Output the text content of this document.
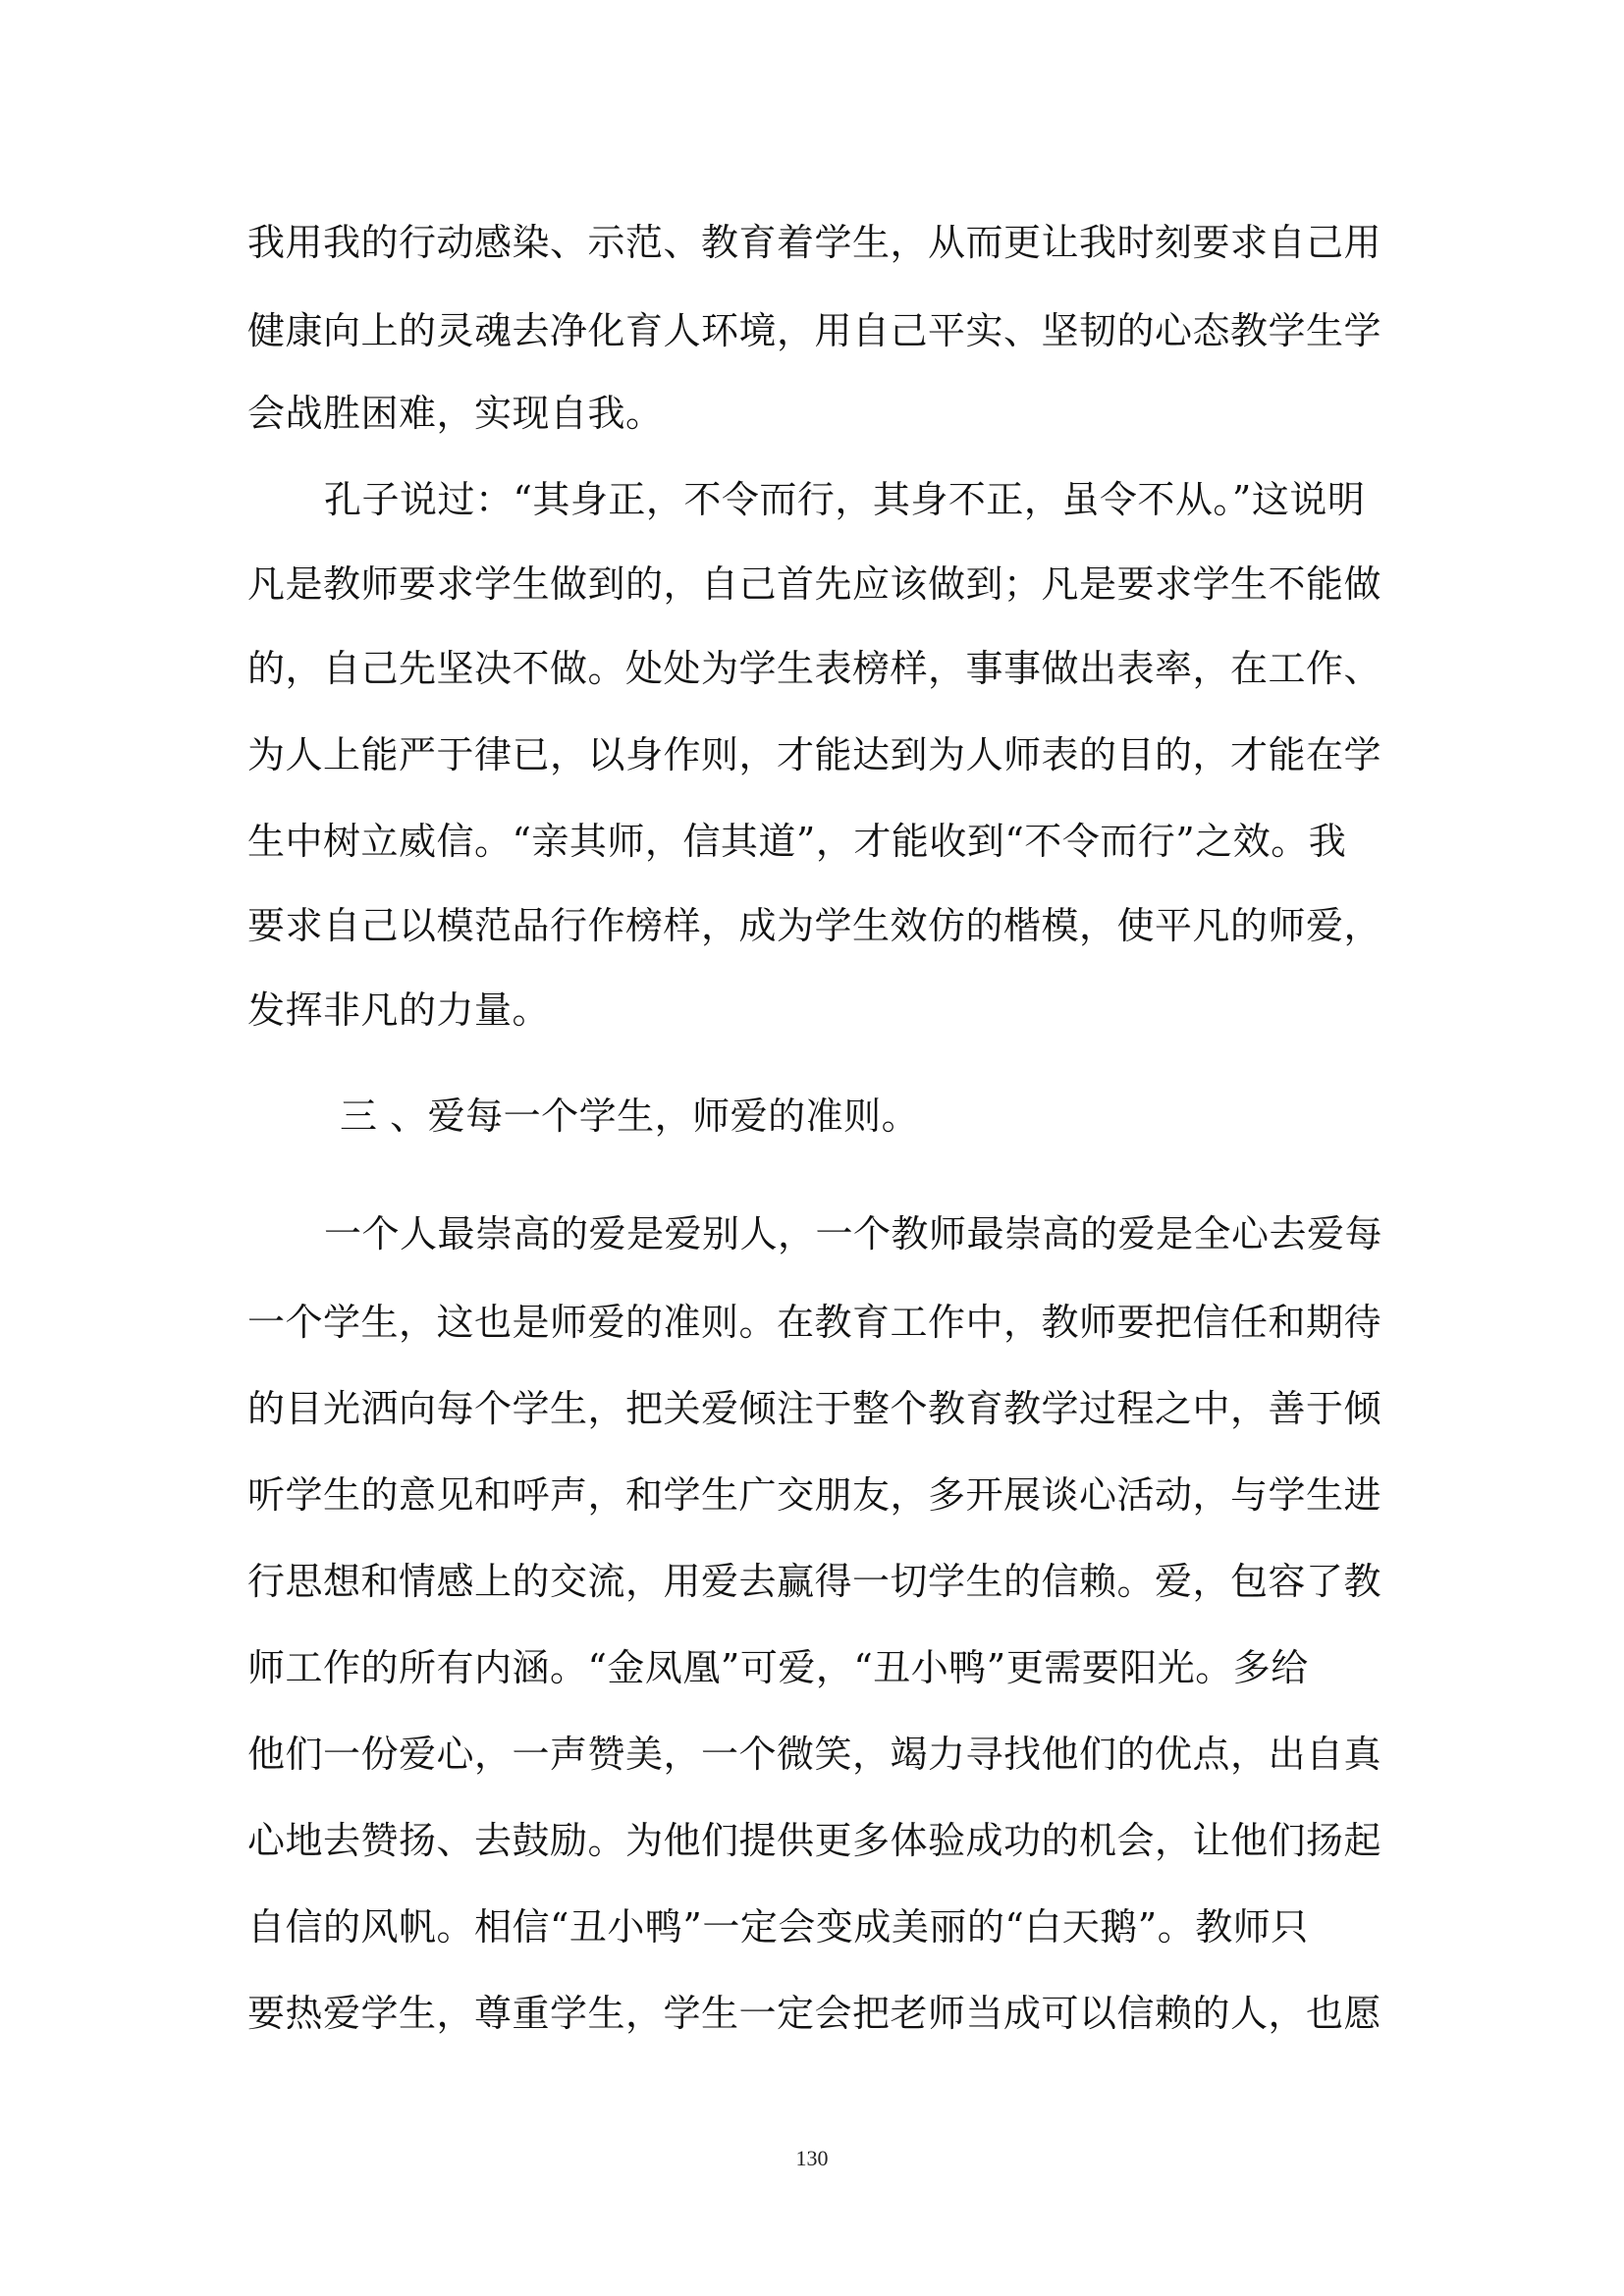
我用我的行动感染、示范、教育着学生，从而更让我时刻要求自己用
健康向上的灵魂去净化育人环境，用自己平实、坚韧的心态教学生学
会战胜困难，实现自我。
孔子说过：“其身正，不令而行，其身不正，虽令不从。”这说明
凡是教师要求学生做到的，自己首先应该做到；凡是要求学生不能做
的，自己先坚决不做。处处为学生表榜样，事事做出表率，在工作、
为人上能严于律已，以身作则，才能达到为人师表的目的，才能在学
生中树立威信。“亲其师，信其道”，才能收到“不令而行”之效。我
要求自己以模范品行作榜样，成为学生效仿的楷模，使平凡的师爱，
发挥非凡的力量。
三 、爱每一个学生，师爱的准则。
一个人最崇高的爱是爱别人，一个教师最崇高的爱是全心去爱每
一个学生，这也是师爱的准则。在教育工作中，教师要把信任和期待
的目光洒向每个学生，把关爱倾注于整个教育教学过程之中，善于倾
听学生的意见和呼声，和学生广交朋友，多开展谈心活动，与学生进
行思想和情感上的交流，用爱去赢得一切学生的信赖。爱，包容了教
师工作的所有内涵。“金凤凰”可爱，“丑小鸭”更需要阳光。多给
他们一份爱心，一声赞美，一个微笑，竭力寻找他们的优点，出自真
心地去赞扬、去鼓励。为他们提供更多体验成功的机会，让他们扬起
自信的风帆。相信“丑小鸭”一定会变成美丽的“白天鹅”。教师只
要热爱学生，尊重学生，学生一定会把老师当成可以信赖的人，也愿
130
